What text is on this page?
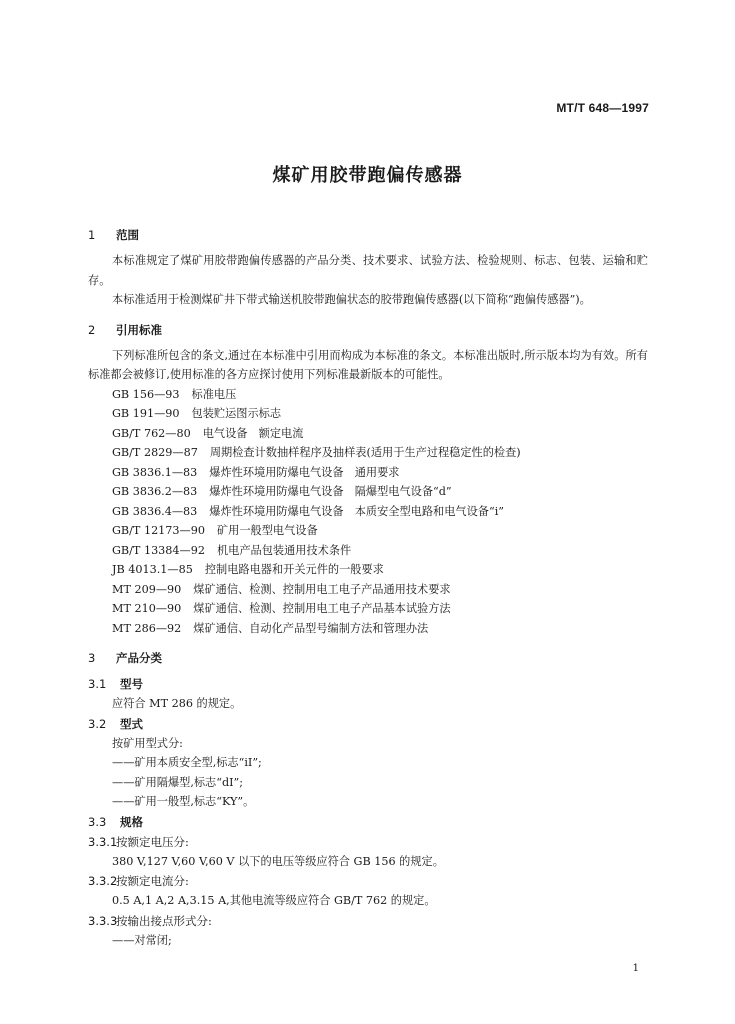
MT/T 648—1997
煤矿用胶带跑偏传感器
1 范围

本标准规定了煤矿用胶带跑偏传感器的产品分类、技术要求、试验方法、检验规则、标志、包装、运输和贮存。

本标准适用于检测煤矿井下带式输送机胶带跑偏状态的胶带跑偏传感器(以下简称“跑偏传感器”)。

2 引用标准

下列标准所包含的条文,通过在本标准中引用而构成为本标准的条文。本标准出版时,所示版本均为有效。所有标准都会被修订,使用标准的各方应探讨使用下列标准最新版本的可能性。

GB 156—93 标准电压
GB 191—90 包装贮运图示标志
GB/T 762—80 电气设备　额定电流
GB/T 2829—87 周期检查计数抽样程序及抽样表(适用于生产过程稳定性的检查)
GB 3836.1—83 爆炸性环境用防爆电气设备　通用要求
GB 3836.2—83 爆炸性环境用防爆电气设备　隔爆型电气设备“d”
GB 3836.4—83 爆炸性环境用防爆电气设备　本质安全型电路和电气设备“i”
GB/T 12173—90 矿用一般型电气设备
GB/T 13384—92 机电产品包装通用技术条件
JB 4013.1—85 控制电路电器和开关元件的一般要求
MT 209—90 煤矿通信、检测、控制用电工电子产品通用技术要求
MT 210—90 煤矿通信、检测、控制用电工电子产品基本试验方法
MT 286—92 煤矿通信、自动化产品型号编制方法和管理办法
3 产品分类
3.1 型号
应符合 MT 286 的规定。
3.2 型式
按矿用型式分:
——矿用本质安全型,标志“iⅠ”;
——矿用隔爆型,标志“dⅠ”;
——矿用一般型,标志“KY”。
3.3 规格
3.3.1按额定电压分:
380 V,127 V,60 V,60 V 以下的电压等级应符合 GB 156 的规定。
3.3.2按额定电流分:
0.5 A,1 A,2 A,3.15 A,其他电流等级应符合 GB/T 762 的规定。
3.3.3按输出接点形式分:
——对常闭;
1
